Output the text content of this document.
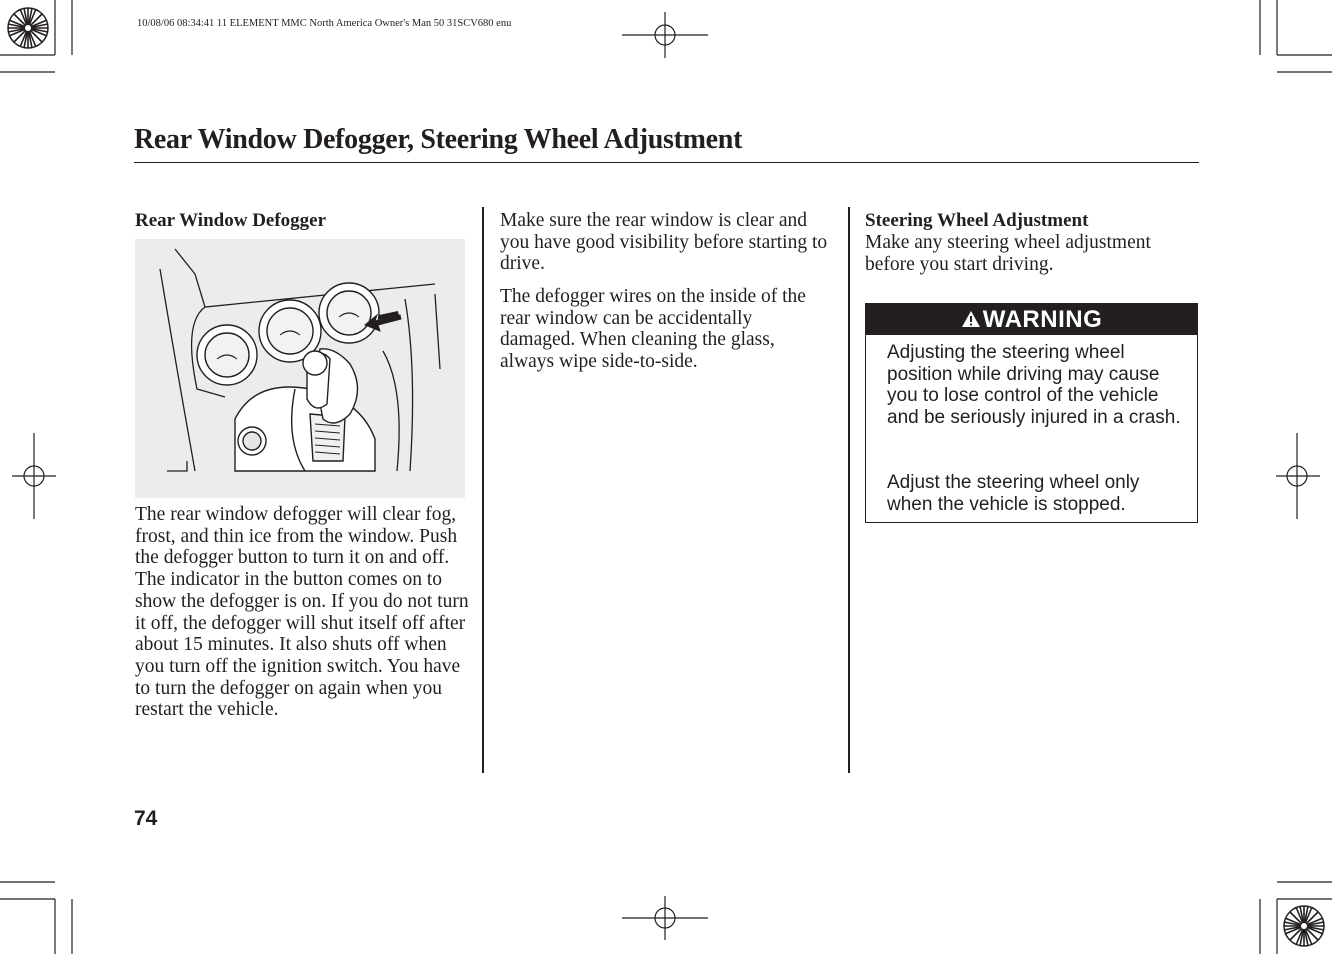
10/08/06 08:34:41 11 ELEMENT MMC North America Owner's Man 50 31SCV680 enu
Rear Window Defogger, Steering Wheel Adjustment
Rear Window Defogger

The rear window defogger will clear fog, frost, and thin ice from the window. Push the defogger button to turn it on and off. The indicator in the button comes on to show the defogger is on. If you do not turn it off, the defogger will shut itself off after about 15 minutes. It also shuts off when you turn off the ignition switch. You have to turn the defogger on again when you restart the vehicle.

Make sure the rear window is clear and you have good visibility before starting to drive.

The defogger wires on the inside of the rear window can be accidentally damaged. When cleaning the glass, always wipe side-to-side.

Steering Wheel Adjustment

Make any steering wheel adjustment before you start driving.

WARNING

Adjusting the steering wheel position while driving may cause you to lose control of the vehicle and be seriously injured in a crash.

Adjust the steering wheel only when the vehicle is stopped.

74
